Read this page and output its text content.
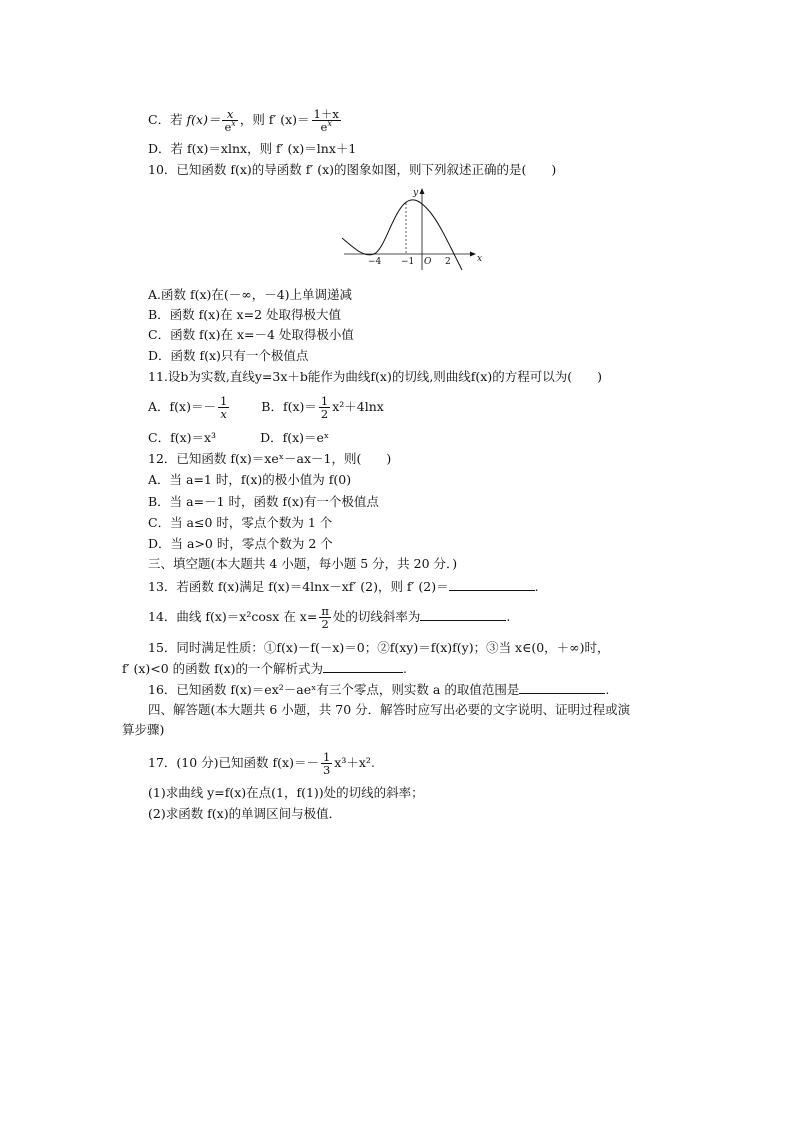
C．若 $f(x)= \frac{x}{e^x}$ ，则 f′ $(x)= \frac{1+x}{e^x}$
D．若 f(x)＝xlnx，则 f′ (x)＝lnx＋1
10．已知函数 f(x)的导函数 f′ (x)的图象如图，则下列叙述正确的是(　　)
y
x
O
−4 −1	2
A.函数 f(x)在(－∞，－4)上单调递减
B．函数 f(x)在 x=2 处取得极大值
C．函数 f(x)在 x=－4 处取得极小值
D．函数 f(x)只有一个极值点
11.设b为实数,直线y=3x＋b能作为曲线f(x)的切线,则曲线f(x)的方程可以为(　　)
A．$f(x)=- \frac{1}{x}$	B．$f(x)= \frac{1}{2} x^2+4\ln x$
C．f(x)＝x³	D．f(x)＝eˣ
12．已知函数 f(x)＝xeˣ－ax－1，则(　　)
A．当 a=1 时，f(x)的极小值为 f(0)
B．当 a=－1 时，函数 f(x)有一个极值点
C．当 a≤0 时，零点个数为 1 个
D．当 a>0 时，零点个数为 2 个
三、填空题(本大题共 4 小题，每小题 5 分，共 20 分．)
13．若函数 f(x)满足 f(x)＝4lnx－xf′ (2)，则 f′ (2)＝	.
14．曲线 f(x)＝x²cosx 在 $x= \frac{\pi}{2}$ 处的切线斜率为	.
15．同时满足性质：①f(x)－f(－x)＝0；②f(xy)＝f(x)f(y)；③当 x∈(0，＋∞)时，
f′ (x)<0 的函数 f(x)的一个解析式为	.
16．已知函数 f(x)＝ex²－aeˣ有三个零点，则实数 a 的取值范围是	.
四、解答题(本大题共 6 小题，共 70 分．解答时应写出必要的文字说明、证明过程或演
算步骤)
17．(10 分)已知函数 $f(x)=- \frac{1}{3} x^3+x^2$.
(1)求曲线 y=f(x)在点(1，f(1))处的切线的斜率；
(2)求函数 f(x)的单调区间与极值．
